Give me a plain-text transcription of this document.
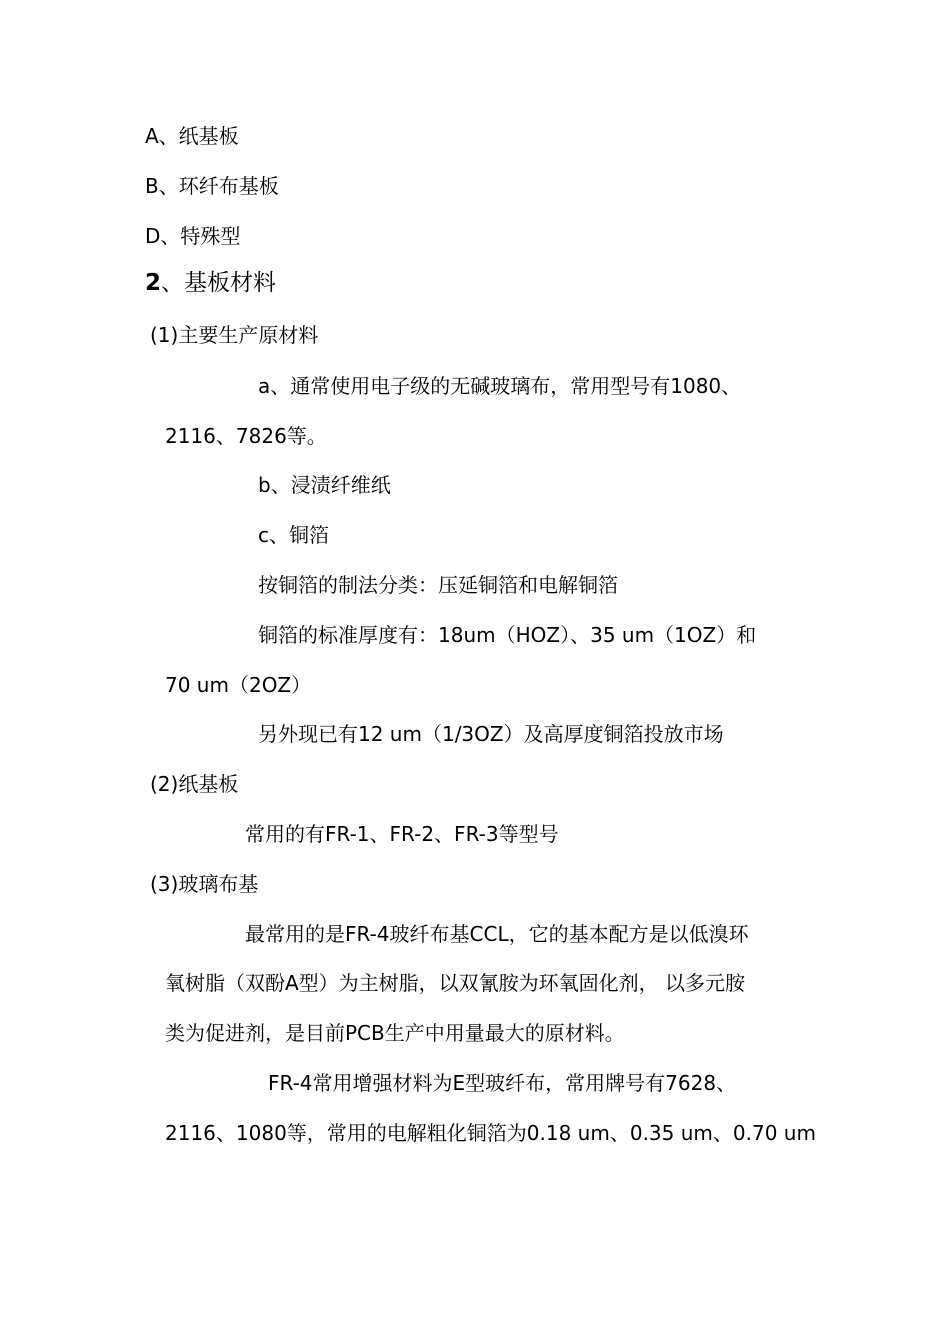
A、纸基板
B、环纤布基板
D、特殊型
2、基板材料
(1)主要生产原材料
a、通常使用电子级的无碱玻璃布，常用型号有1080、
2116、7826等。
b、浸渍纤维纸
c、铜箔
按铜箔的制法分类：压延铜箔和电解铜箔
铜箔的标准厚度有：18um（HOZ）、35 um（1OZ）和
70 um（2OZ）
另外现已有12 um（1/3OZ）及高厚度铜箔投放市场
(2)纸基板
常用的有FR-1、FR-2、FR-3等型号
(3)玻璃布基
最常用的是FR-4玻纤布基CCL，它的基本配方是以低溴环
氧树脂（双酚A型）为主树脂，以双氰胺为环氧固化剂， 以多元胺
类为促进剂，是目前PCB生产中用量最大的原材料。
FR-4常用增强材料为E型玻纤布，常用牌号有7628、
2116、1080等，常用的电解粗化铜箔为0.18 um、0.35 um、0.70 um
